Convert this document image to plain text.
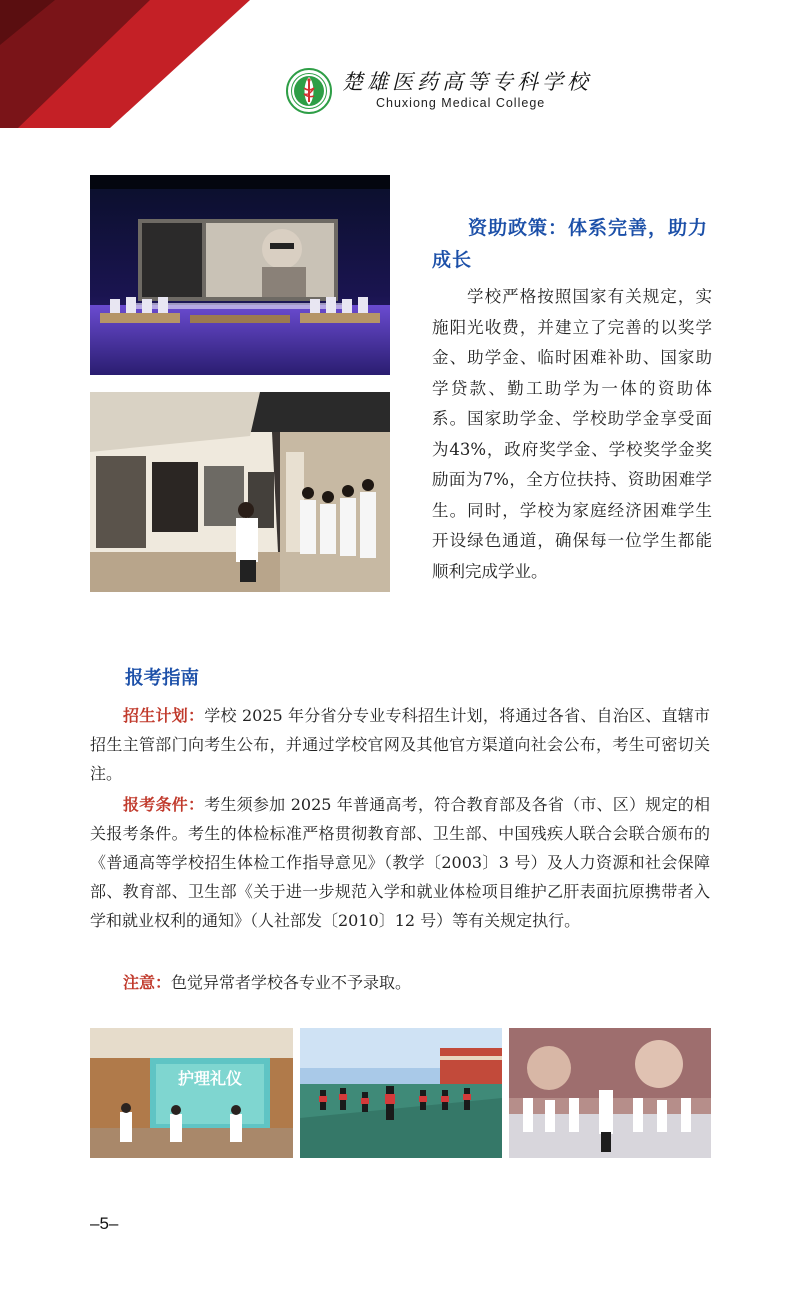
楚雄医药高等专科学校
Chuxiong Medical College
资助政策：体系完善，助力成长
学校严格按照国家有关规定，实施阳光收费，并建立了完善的以奖学金、助学金、临时困难补助、国家助学贷款、勤工助学为一体的资助体系。国家助学金、学校助学金享受面为43%，政府奖学金、学校奖学金奖励面为7%，全方位扶持、资助困难学生。同时，学校为家庭经济困难学生开设绿色通道，确保每一位学生都能顺利完成学业。
报考指南
招生计划：学校 2025 年分省分专业专科招生计划，将通过各省、自治区、直辖市招生主管部门向考生公布，并通过学校官网及其他官方渠道向社会公布，考生可密切关注。
报考条件：考生须参加 2025 年普通高考，符合教育部及各省（市、区）规定的相关报考条件。考生的体检标准严格贯彻教育部、卫生部、中国残疾人联合会联合颁布的《普通高等学校招生体检工作指导意见》（教学〔2003〕3 号）及人力资源和社会保障部、教育部、卫生部《关于进一步规范入学和就业体检项目维护乙肝表面抗原携带者入学和就业权利的通知》（人社部发〔2010〕12 号）等有关规定执行。
注意：色觉异常者学校各专业不予录取。
护理礼仪
–5–
